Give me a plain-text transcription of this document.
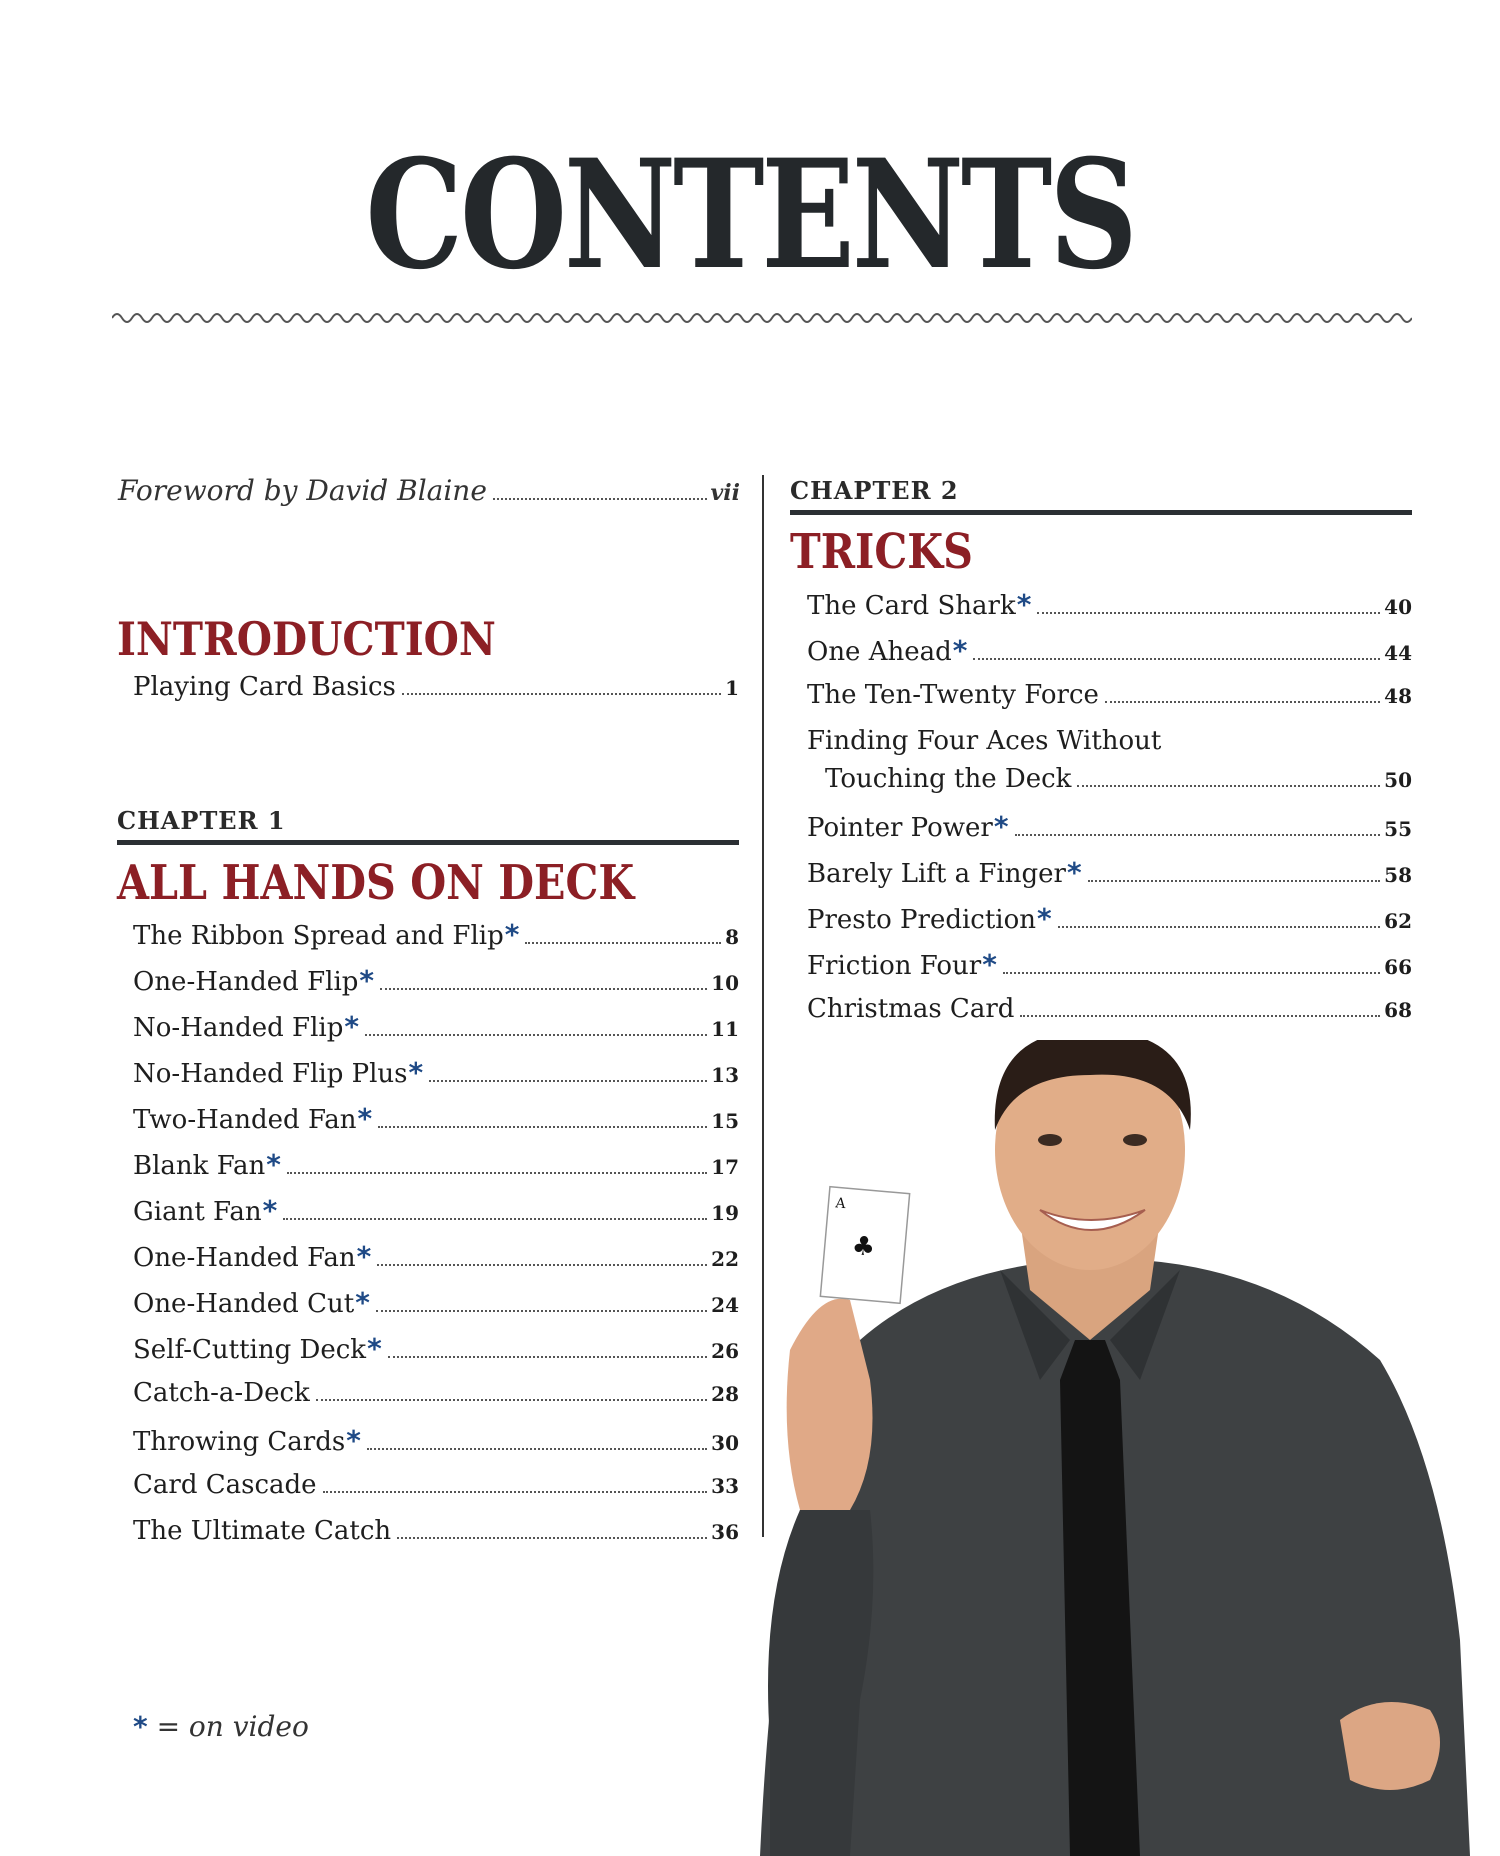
CONTENTS
Foreword by David Blaine	vii
INTRODUCTION
Playing Card Basics	1
CHAPTER 1
ALL HANDS ON DECK
CHAPTER 2
TRICKS
* = on video
A
♣
The Ribbon Spread and Flip *	8
One-Handed Flip *	10
No-Handed Flip *	11
No-Handed Flip Plus *	13
Two-Handed Fan *	15
Blank Fan *	17
Giant Fan *	19
One-Handed Fan *	22
One-Handed Cut *	24
Self-Cutting Deck *	26
Catch-a-Deck	28
Throwing Cards *	30
Card Cascade	33
The Ultimate Catch	36
The Card Shark *	40
One Ahead *	44
The Ten-Twenty Force	48
Finding Four Aces Without
Touching the Deck	50
Pointer Power *	55
Barely Lift a Finger *	58
Presto Prediction *	62
Friction Four *	66
Christmas Card	68
